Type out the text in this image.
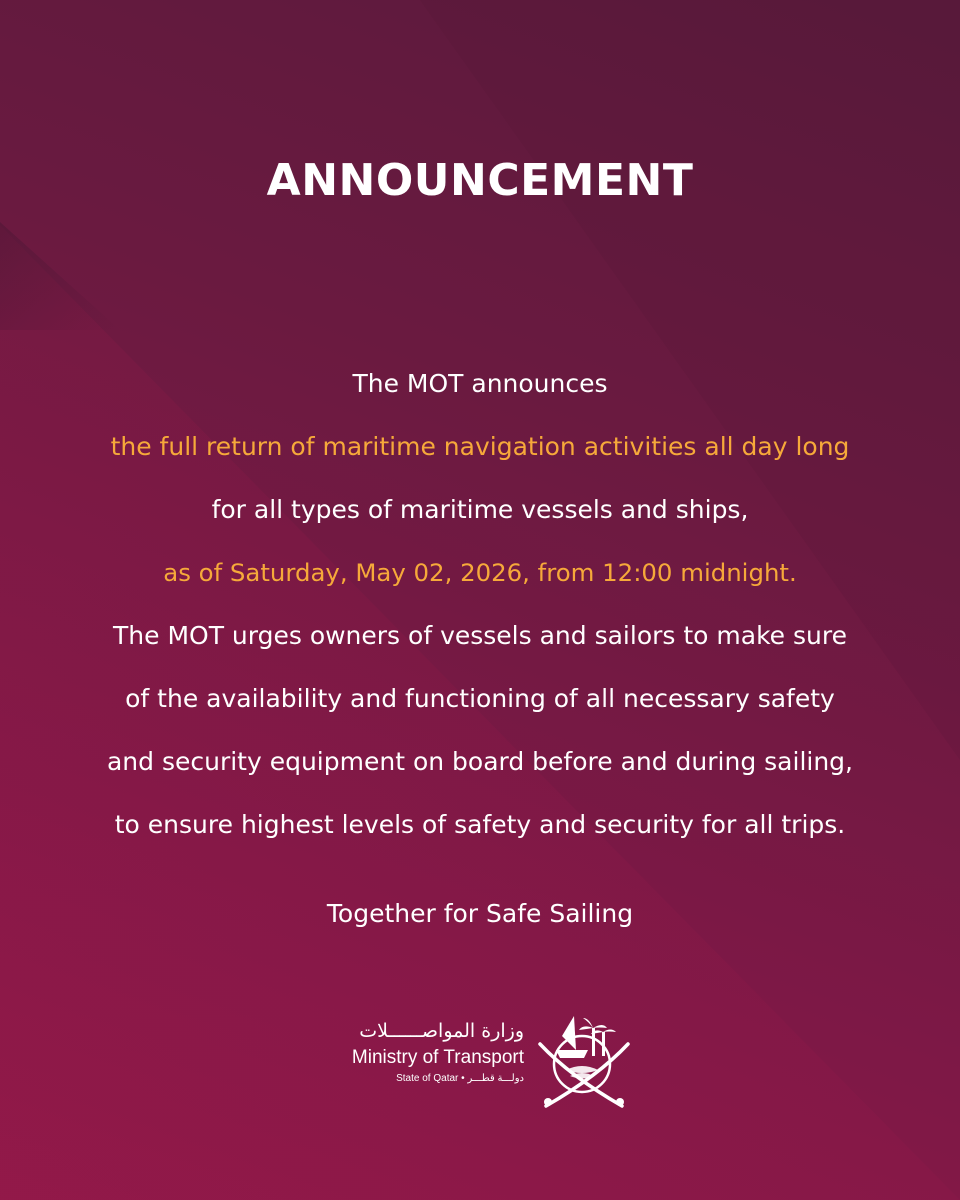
ANNOUNCEMENT
The MOT announces
the full return of maritime navigation activities all day long
for all types of maritime vessels and ships,
as of Saturday, May 02, 2026, from 12:00 midnight.
The MOT urges owners of vessels and sailors to make sure
of the availability and functioning of all necessary safety
and security equipment on board before and during sailing,
to ensure highest levels of safety and security for all trips.
Together for Safe Sailing
وزارة المواصــــــلات
Ministry of Transport
State of Qatar • دولـــة قطـــر
